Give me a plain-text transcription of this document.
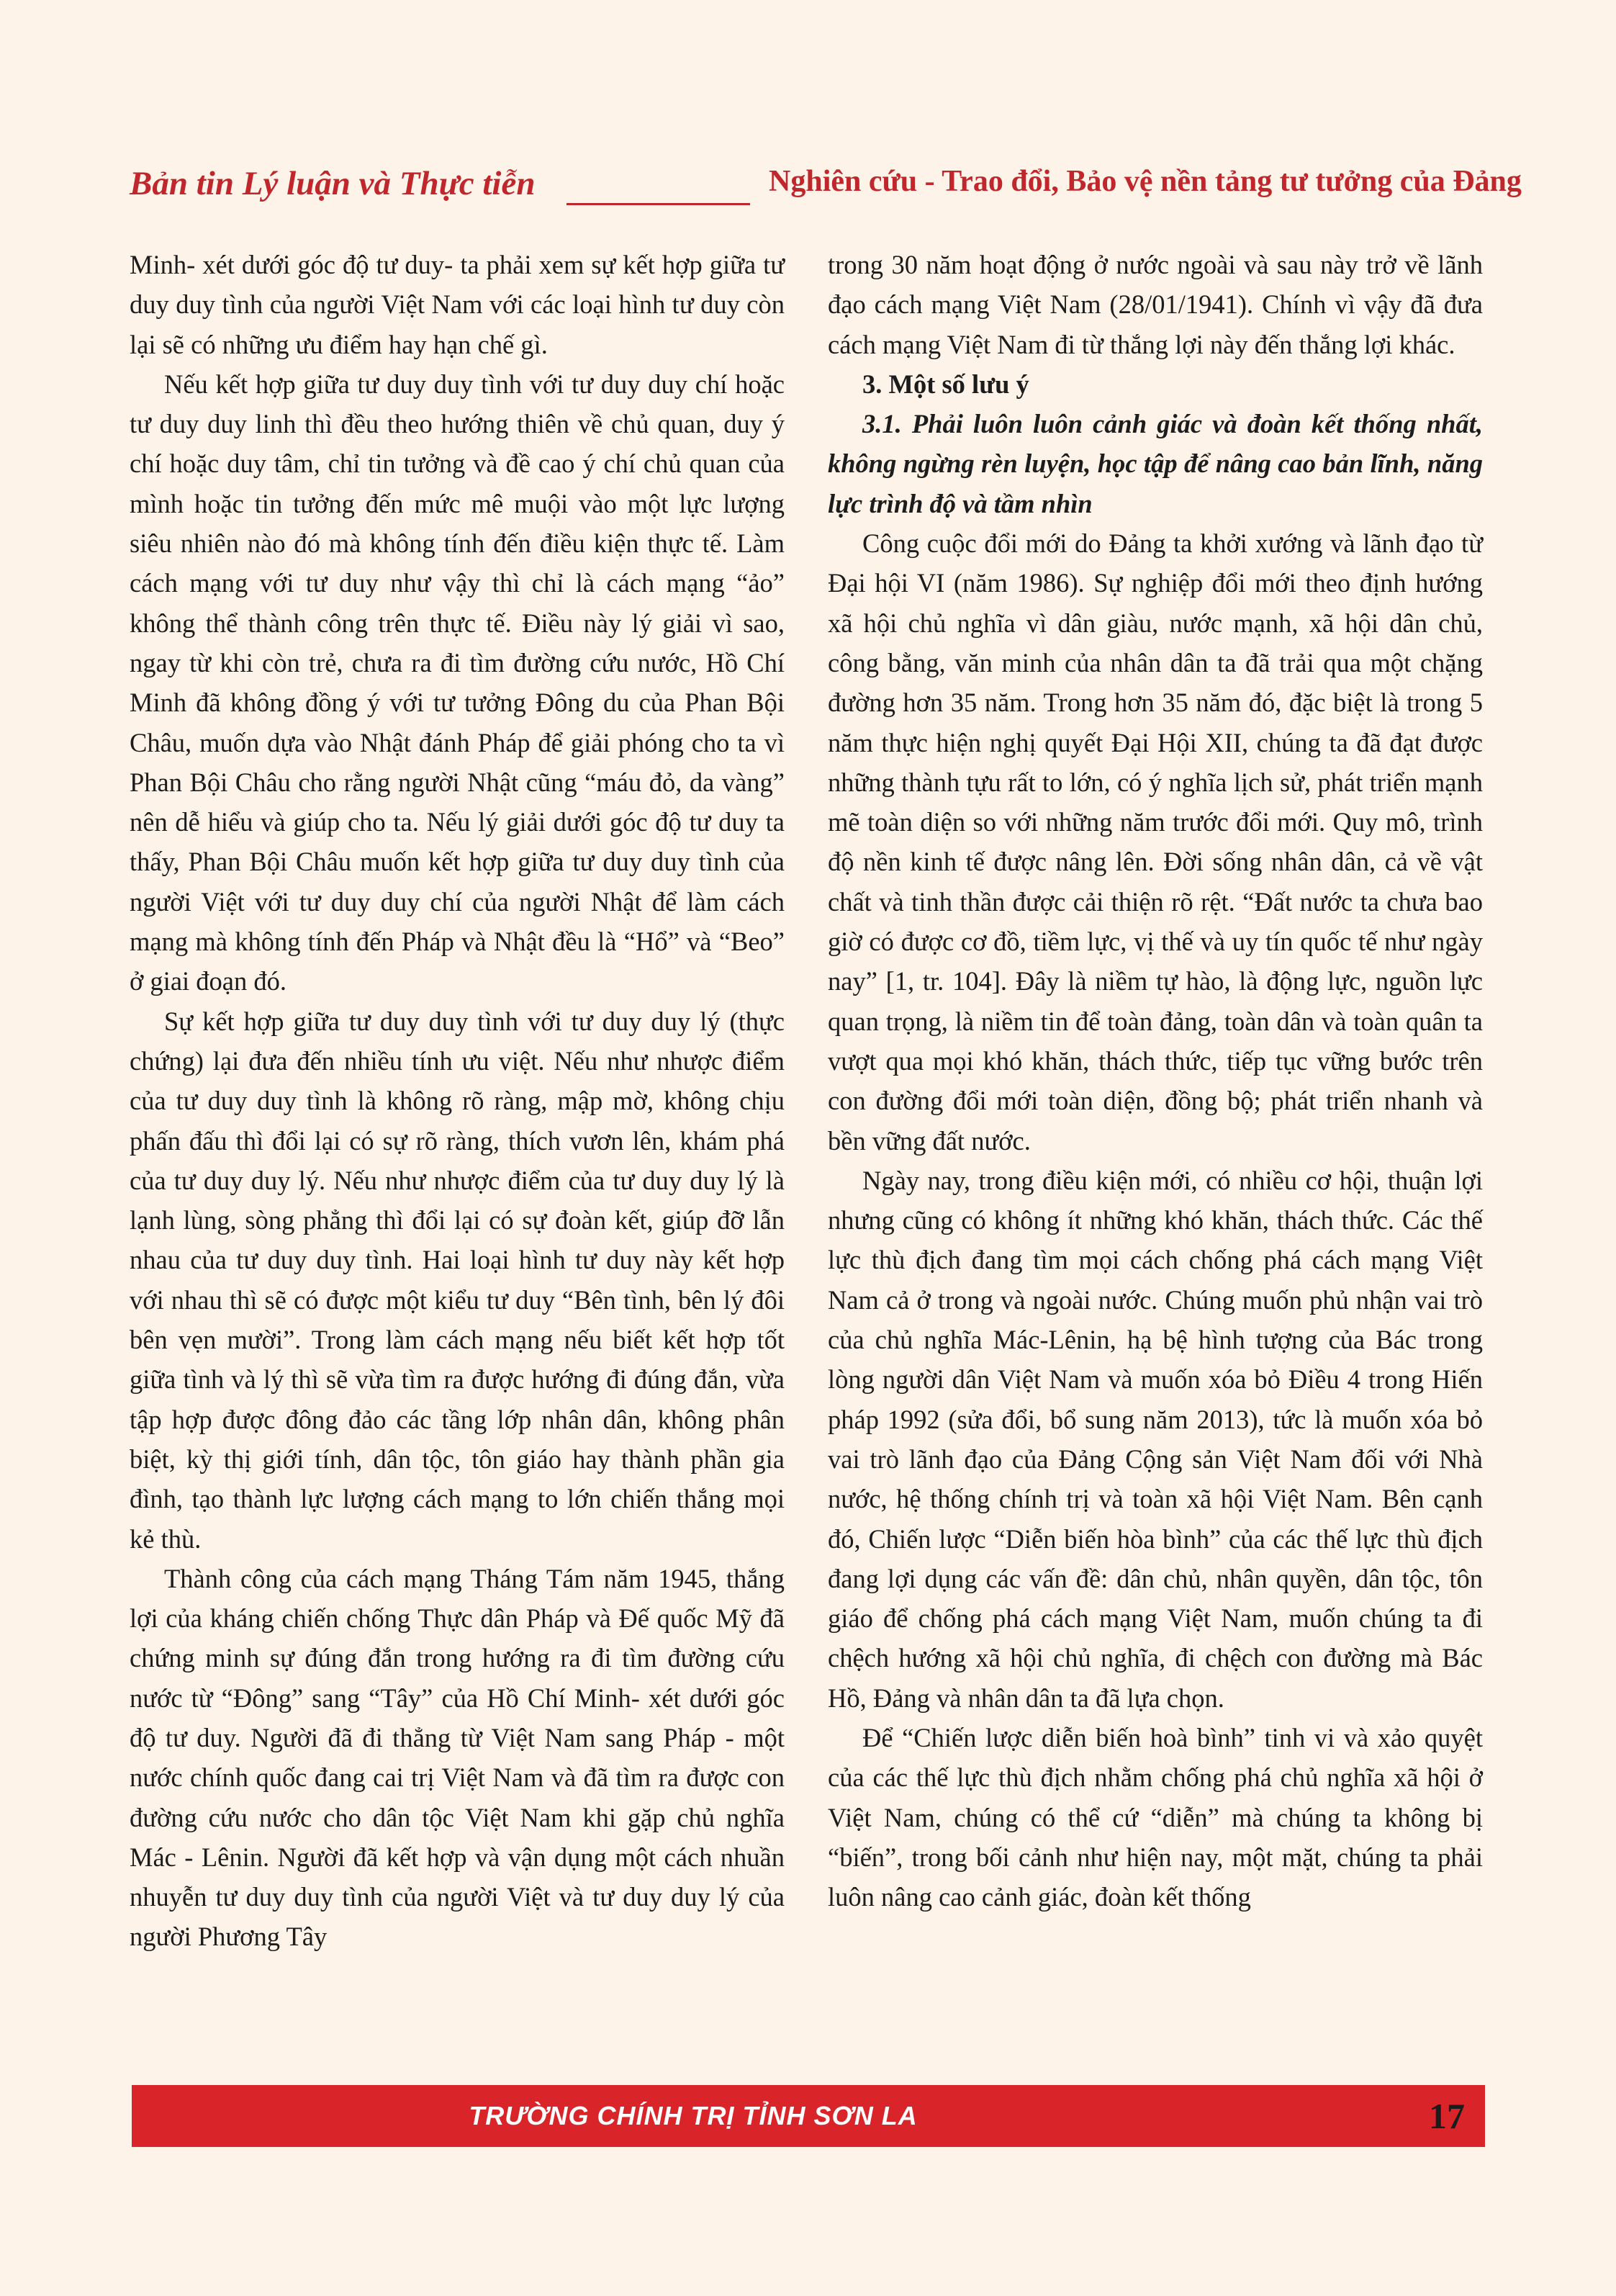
Bản tin Lý luận và Thực tiễn	Nghiên cứu - Trao đổi, Bảo vệ nền tảng tư tưởng của Đảng

Minh- xét dưới góc độ tư duy- ta phải xem sự kết hợp giữa tư duy duy tình của người Việt Nam với các loại hình tư duy còn lại sẽ có những ưu điểm hay hạn chế gì.

Nếu kết hợp giữa tư duy duy tình với tư duy duy chí hoặc tư duy duy linh thì đều theo hướng thiên về chủ quan, duy ý chí hoặc duy tâm, chỉ tin tưởng và đề cao ý chí chủ quan của mình hoặc tin tưởng đến mức mê muội vào một lực lượng siêu nhiên nào đó mà không tính đến điều kiện thực tế. Làm cách mạng với tư duy như vậy thì chỉ là cách mạng “ảo” không thể thành công trên thực tế. Điều này lý giải vì sao, ngay từ khi còn trẻ, chưa ra đi tìm đường cứu nước, Hồ Chí Minh đã không đồng ý với tư tưởng Đông du của Phan Bội Châu, muốn dựa vào Nhật đánh Pháp để giải phóng cho ta vì Phan Bội Châu cho rằng người Nhật cũng “máu đỏ, da vàng” nên dễ hiểu và giúp cho ta. Nếu lý giải dưới góc độ tư duy ta thấy, Phan Bội Châu muốn kết hợp giữa tư duy duy tình của người Việt với tư duy duy chí của người Nhật để làm cách mạng mà không tính đến Pháp và Nhật đều là “Hổ” và “Beo” ở giai đoạn đó.

Sự kết hợp giữa tư duy duy tình với tư duy duy lý (thực chứng) lại đưa đến nhiều tính ưu việt. Nếu như nhược điểm của tư duy duy tình là không rõ ràng, mập mờ, không chịu phấn đấu thì đổi lại có sự rõ ràng, thích vươn lên, khám phá của tư duy duy lý. Nếu như nhược điểm của tư duy duy lý là lạnh lùng, sòng phẳng thì đổi lại có sự đoàn kết, giúp đỡ lẫn nhau của tư duy duy tình. Hai loại hình tư duy này kết hợp với nhau thì sẽ có được một kiểu tư duy “Bên tình, bên lý đôi bên vẹn mười”. Trong làm cách mạng nếu biết kết hợp tốt giữa tình và lý thì sẽ vừa tìm ra được hướng đi đúng đắn, vừa tập hợp được đông đảo các tầng lớp nhân dân, không phân biệt, kỳ thị giới tính, dân tộc, tôn giáo hay thành phần gia đình, tạo thành lực lượng cách mạng to lớn chiến thắng mọi kẻ thù.

Thành công của cách mạng Tháng Tám năm 1945, thắng lợi của kháng chiến chống Thực dân Pháp và Đế quốc Mỹ đã chứng minh sự đúng đắn trong hướng ra đi tìm đường cứu nước từ “Đông” sang “Tây” của Hồ Chí Minh- xét dưới góc độ tư duy. Người đã đi thẳng từ Việt Nam sang Pháp - một nước chính quốc đang cai trị Việt Nam và đã tìm ra được con đường cứu nước cho dân tộc Việt Nam khi gặp chủ nghĩa Mác - Lênin. Người đã kết hợp và vận dụng một cách nhuần nhuyễn tư duy duy tình của người Việt và tư duy duy lý của người Phương Tây

trong 30 năm hoạt động ở nước ngoài và sau này trở về lãnh đạo cách mạng Việt Nam (28/01/1941). Chính vì vậy đã đưa cách mạng Việt Nam đi từ thắng lợi này đến thắng lợi khác.

3. Một số lưu ý

3.1. Phải luôn luôn cảnh giác và đoàn kết thống nhất, không ngừng rèn luyện, học tập để nâng cao bản lĩnh, năng lực trình độ và tầm nhìn

Công cuộc đổi mới do Đảng ta khởi xướng và lãnh đạo từ Đại hội VI (năm 1986). Sự nghiệp đổi mới theo định hướng xã hội chủ nghĩa vì dân giàu, nước mạnh, xã hội dân chủ, công bằng, văn minh của nhân dân ta đã trải qua một chặng đường hơn 35 năm. Trong hơn 35 năm đó, đặc biệt là trong 5 năm thực hiện nghị quyết Đại Hội XII, chúng ta đã đạt được những thành tựu rất to lớn, có ý nghĩa lịch sử, phát triển mạnh mẽ toàn diện so với những năm trước đổi mới. Quy mô, trình độ nền kinh tế được nâng lên. Đời sống nhân dân, cả về vật chất và tinh thần được cải thiện rõ rệt. “Đất nước ta chưa bao giờ có được cơ đồ, tiềm lực, vị thế và uy tín quốc tế như ngày nay” [1, tr. 104]. Đây là niềm tự hào, là động lực, nguồn lực quan trọng, là niềm tin để toàn đảng, toàn dân và toàn quân ta vượt qua mọi khó khăn, thách thức, tiếp tục vững bước trên con đường đổi mới toàn diện, đồng bộ; phát triển nhanh và bền vững đất nước.

Ngày nay, trong điều kiện mới, có nhiều cơ hội, thuận lợi nhưng cũng có không ít những khó khăn, thách thức. Các thế lực thù địch đang tìm mọi cách chống phá cách mạng Việt Nam cả ở trong và ngoài nước. Chúng muốn phủ nhận vai trò của chủ nghĩa Mác-Lênin, hạ bệ hình tượng của Bác trong lòng người dân Việt Nam và muốn xóa bỏ Điều 4 trong Hiến pháp 1992 (sửa đổi, bổ sung năm 2013), tức là muốn xóa bỏ vai trò lãnh đạo của Đảng Cộng sản Việt Nam đối với Nhà nước, hệ thống chính trị và toàn xã hội Việt Nam. Bên cạnh đó, Chiến lược “Diễn biến hòa bình” của các thế lực thù địch đang lợi dụng các vấn đề: dân chủ, nhân quyền, dân tộc, tôn giáo để chống phá cách mạng Việt Nam, muốn chúng ta đi chệch hướng xã hội chủ nghĩa, đi chệch con đường mà Bác Hồ, Đảng và nhân dân ta đã lựa chọn.

Để “Chiến lược diễn biến hoà bình” tinh vi và xảo quyệt của các thế lực thù địch nhằm chống phá chủ nghĩa xã hội ở Việt Nam, chúng có thể cứ “diễn” mà chúng ta không bị “biến”, trong bối cảnh như hiện nay, một mặt, chúng ta phải luôn nâng cao cảnh giác, đoàn kết thống

TRƯỜNG CHÍNH TRỊ TỈNH SƠN LA	17
